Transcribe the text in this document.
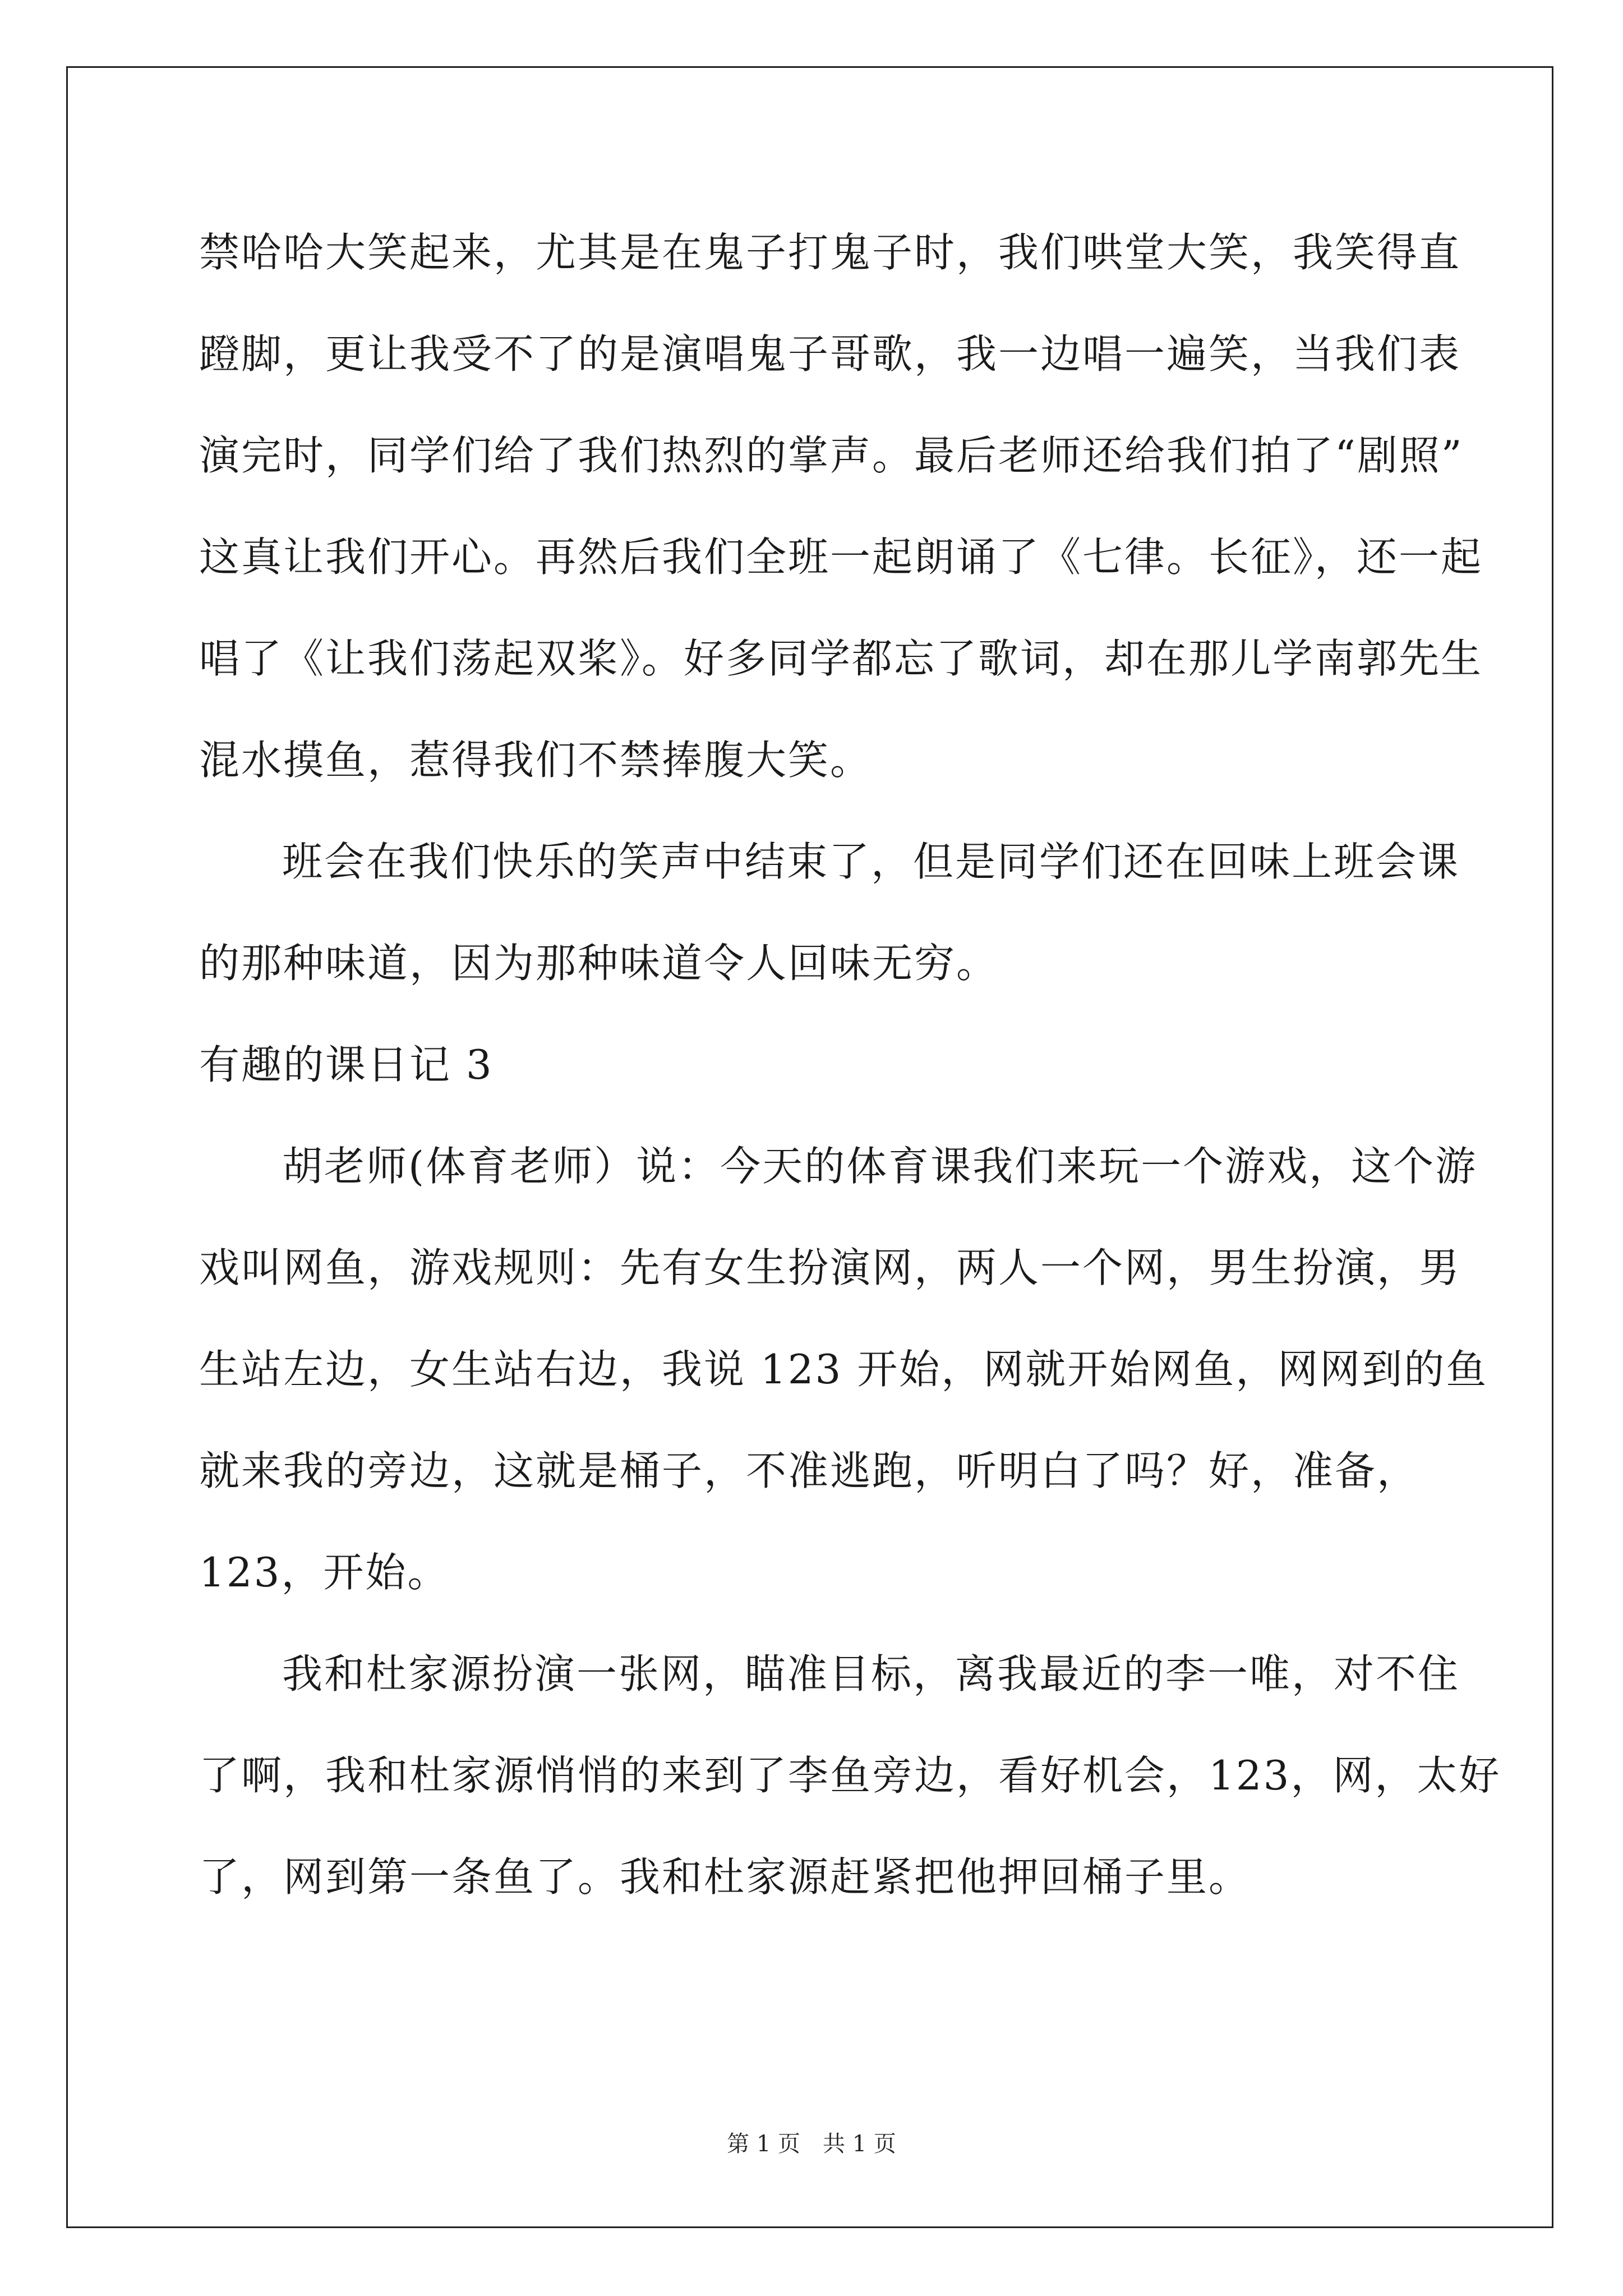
禁哈哈大笑起来，尤其是在鬼子打鬼子时，我们哄堂大笑，我笑得直
蹬脚，更让我受不了的是演唱鬼子哥歌，我一边唱一遍笑，当我们表
演完时，同学们给了我们热烈的掌声。最后老师还给我们拍了“剧照”
这真让我们开心。再然后我们全班一起朗诵了《七律。长征》，还一起
唱了《让我们荡起双桨》。好多同学都忘了歌词，却在那儿学南郭先生
混水摸鱼，惹得我们不禁捧腹大笑。
班会在我们快乐的笑声中结束了，但是同学们还在回味上班会课
的那种味道，因为那种味道令人回味无穷。
有趣的课日记 3
胡老师(体育老师）说：今天的体育课我们来玩一个游戏，这个游
戏叫网鱼，游戏规则：先有女生扮演网，两人一个网，男生扮演，男
生站左边，女生站右边，我说 123 开始，网就开始网鱼，网网到的鱼
就来我的旁边，这就是桶子，不准逃跑，听明白了吗？好，准备，
123，开始。
我和杜家源扮演一张网，瞄准目标，离我最近的李一唯，对不住
了啊，我和杜家源悄悄的来到了李鱼旁边，看好机会，123，网，太好
了，网到第一条鱼了。我和杜家源赶紧把他押回桶子里。
第 1 页　共 1 页
